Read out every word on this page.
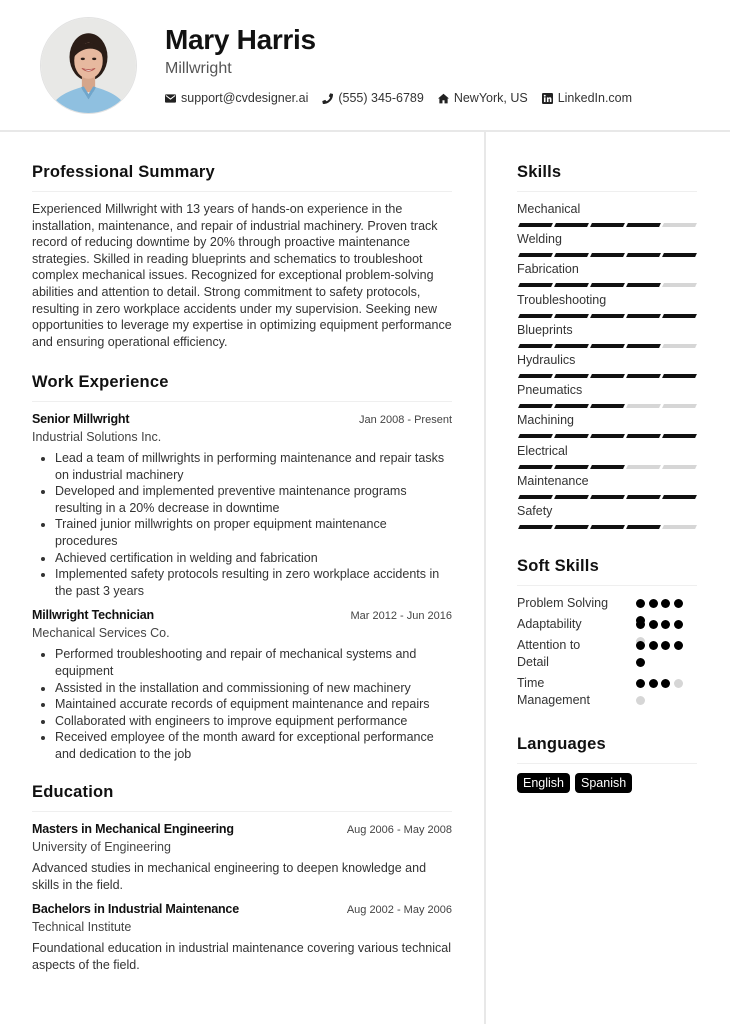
Mary Harris
Millwright
support@cvdesigner.ai (555) 345-6789 NewYork, US LinkedIn.com
Professional Summary

Experienced Millwright with 13 years of hands-on experience in the installation, maintenance, and repair of industrial machinery. Proven track record of reducing downtime by 20% through proactive maintenance strategies. Skilled in reading blueprints and schematics to troubleshoot complex mechanical issues. Recognized for exceptional problem-solving abilities and attention to detail. Strong commitment to safety protocols, resulting in zero workplace accidents under my supervision. Seeking new opportunities to leverage my expertise in optimizing equipment performance and ensuring operational efficiency.

Work Experience
Senior Millwright	Jan 2008 - Present
Industrial Solutions Inc.
• Lead a team of millwrights in performing maintenance and repair tasks on industrial machinery
• Developed and implemented preventive maintenance programs resulting in a 20% decrease in downtime
• Trained junior millwrights on proper equipment maintenance procedures
• Achieved certification in welding and fabrication
• Implemented safety protocols resulting in zero workplace accidents in the past 3 years
Millwright Technician	Mar 2012 - Jun 2016
Mechanical Services Co.
• Performed troubleshooting and repair of mechanical systems and equipment
• Assisted in the installation and commissioning of new machinery
• Maintained accurate records of equipment maintenance and repairs
• Collaborated with engineers to improve equipment performance
• Received employee of the month award for exceptional performance and dedication to the job
Education
Masters in Mechanical Engineering	Aug 2006 - May 2008
University of Engineering

Advanced studies in mechanical engineering to deepen knowledge and skills in the field.

Bachelors in Industrial Maintenance	Aug 2002 - May 2006
Technical Institute

Foundational education in industrial maintenance covering various technical aspects of the field.

Skills
Mechanical
Welding
Fabrication
Troubleshooting
Blueprints
Hydraulics
Pneumatics
Machining
Electrical
Maintenance
Safety
Soft Skills
Problem Solving
Adaptability
Attention to Detail
Time Management
Languages
English	Spanish
